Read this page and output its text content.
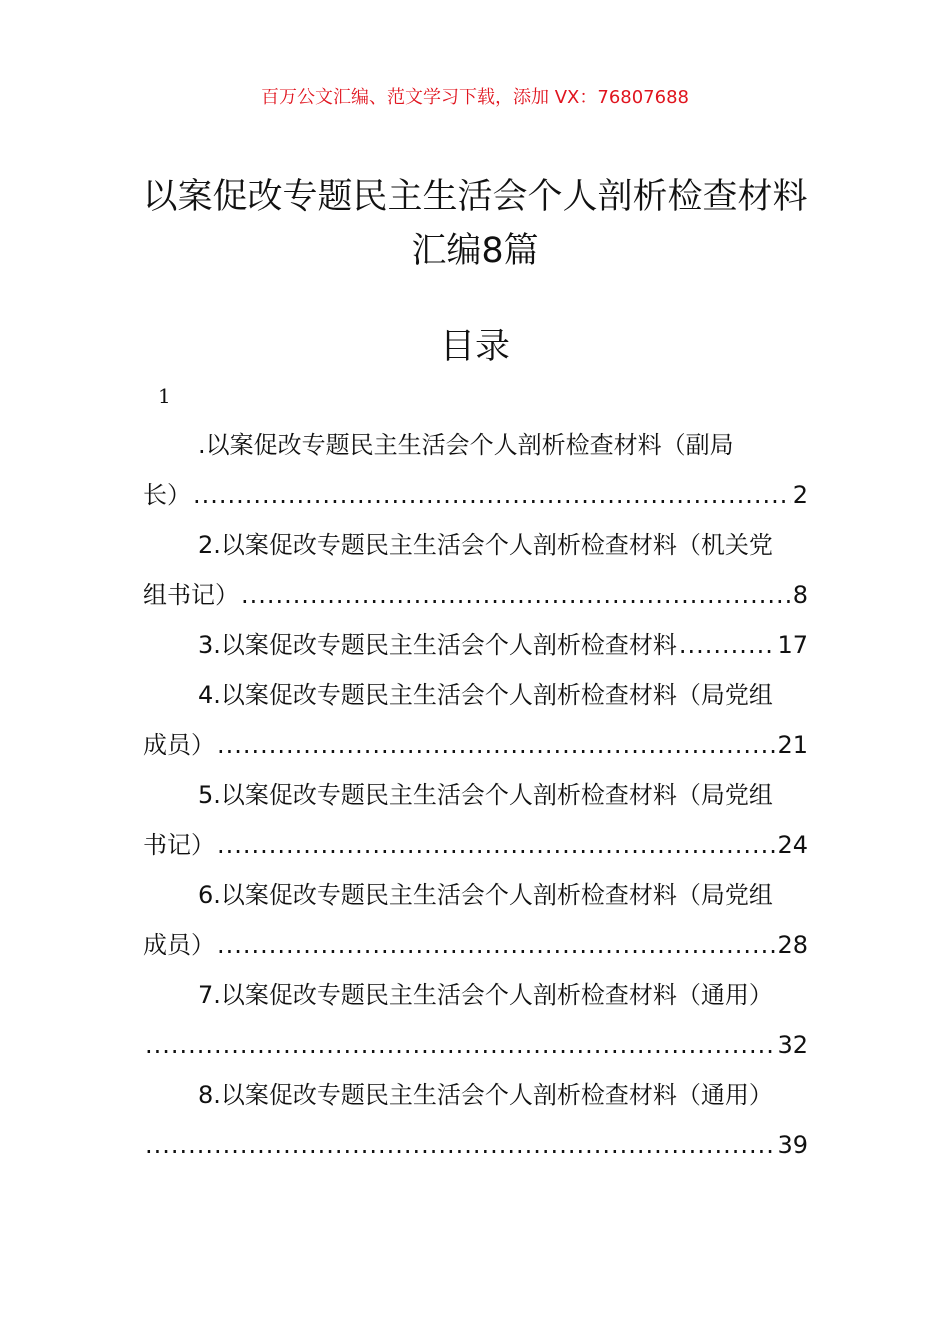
百万公文汇编、范文学习下载，添加 VX：76807688
以案促改专题民主生活会个人剖析检查材料汇编8篇
目录
1
.以案促改专题民主生活会个人剖析检查材料（副局
长） .....	2
2.以案促改专题民主生活会个人剖析检查材料（机关党
组书记） .....	8
3.以案促改专题民主生活会个人剖析检查材料 .....	17
4.以案促改专题民主生活会个人剖析检查材料（局党组
成员） .....	21
5.以案促改专题民主生活会个人剖析检查材料（局党组
书记） .....	24
6.以案促改专题民主生活会个人剖析检查材料（局党组
成员） .....	28
7.以案促改专题民主生活会个人剖析检查材料（通用）
.....
32
8.以案促改专题民主生活会个人剖析检查材料（通用）
.....
39
